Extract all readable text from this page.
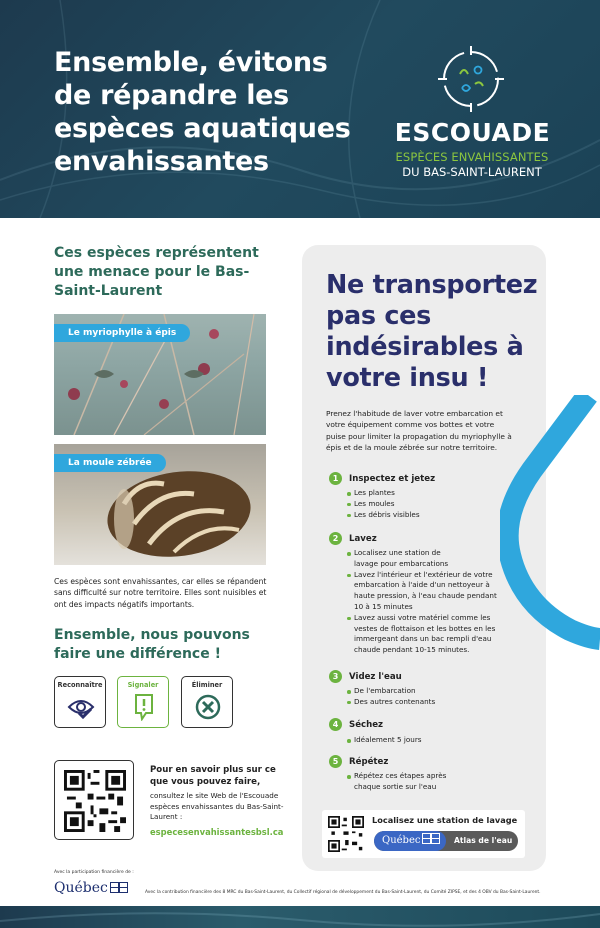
Ensemble, évitons de répandre les espèces aquatiques envahissantes
ESCOUADE
ESPÈCES ENVAHISSANTES
DU BAS-SAINT-LAURENT
Ces espèces représentent une menace pour le Bas-Saint-Laurent
Le myriophylle à épis
La moule zébrée
Ces espèces sont envahissantes, car elles se répandent sans difficulté sur notre territoire. Elles sont nuisibles et ont des impacts négatifs importants.
Ensemble, nous pouvons faire une différence !
Reconnaître	Signaler	Éliminer
Pour en savoir plus sur ce que vous pouvez faire,
consultez le site Web de l'Escouade espèces envahissantes du Bas-Saint-Laurent :
especesenvahissantesbsl.ca
Ne transportez pas ces indésirables à votre insu !
Prenez l'habitude de laver votre embarcation et votre équipement comme vos bottes et votre puise pour limiter la propagation du myriophylle à épis et de la moule zébrée sur notre territoire.
1	Inspectez et jetez
Les plantes
Les moules
Les débris visibles
2	Lavez
Localisez une station de lavage pour embarcations
Lavez l'intérieur et l'extérieur de votre embarcation à l'aide d'un nettoyeur à haute pression, à l'eau chaude pendant 10 à 15 minutes
Lavez aussi votre matériel comme les vestes de flottaison et les bottes en les immergeant dans un bac rempli d'eau chaude pendant 10-15 minutes.
3	Videz l'eau
De l'embarcation
Des autres contenants
4	Séchez
Idéalement 5 jours
5	Répétez
Répétez ces étapes après chaque sortie sur l'eau
Localisez une station de lavage
Québec	Atlas de l'eau
Avec la participation financière de :
Québec	Avec la contribution financière des 8 MRC du Bas-Saint-Laurent, du Collectif régional de développement du Bas-Saint-Laurent, du Comité ZIPSE, et des 4 OBV du Bas-Saint-Laurent.
